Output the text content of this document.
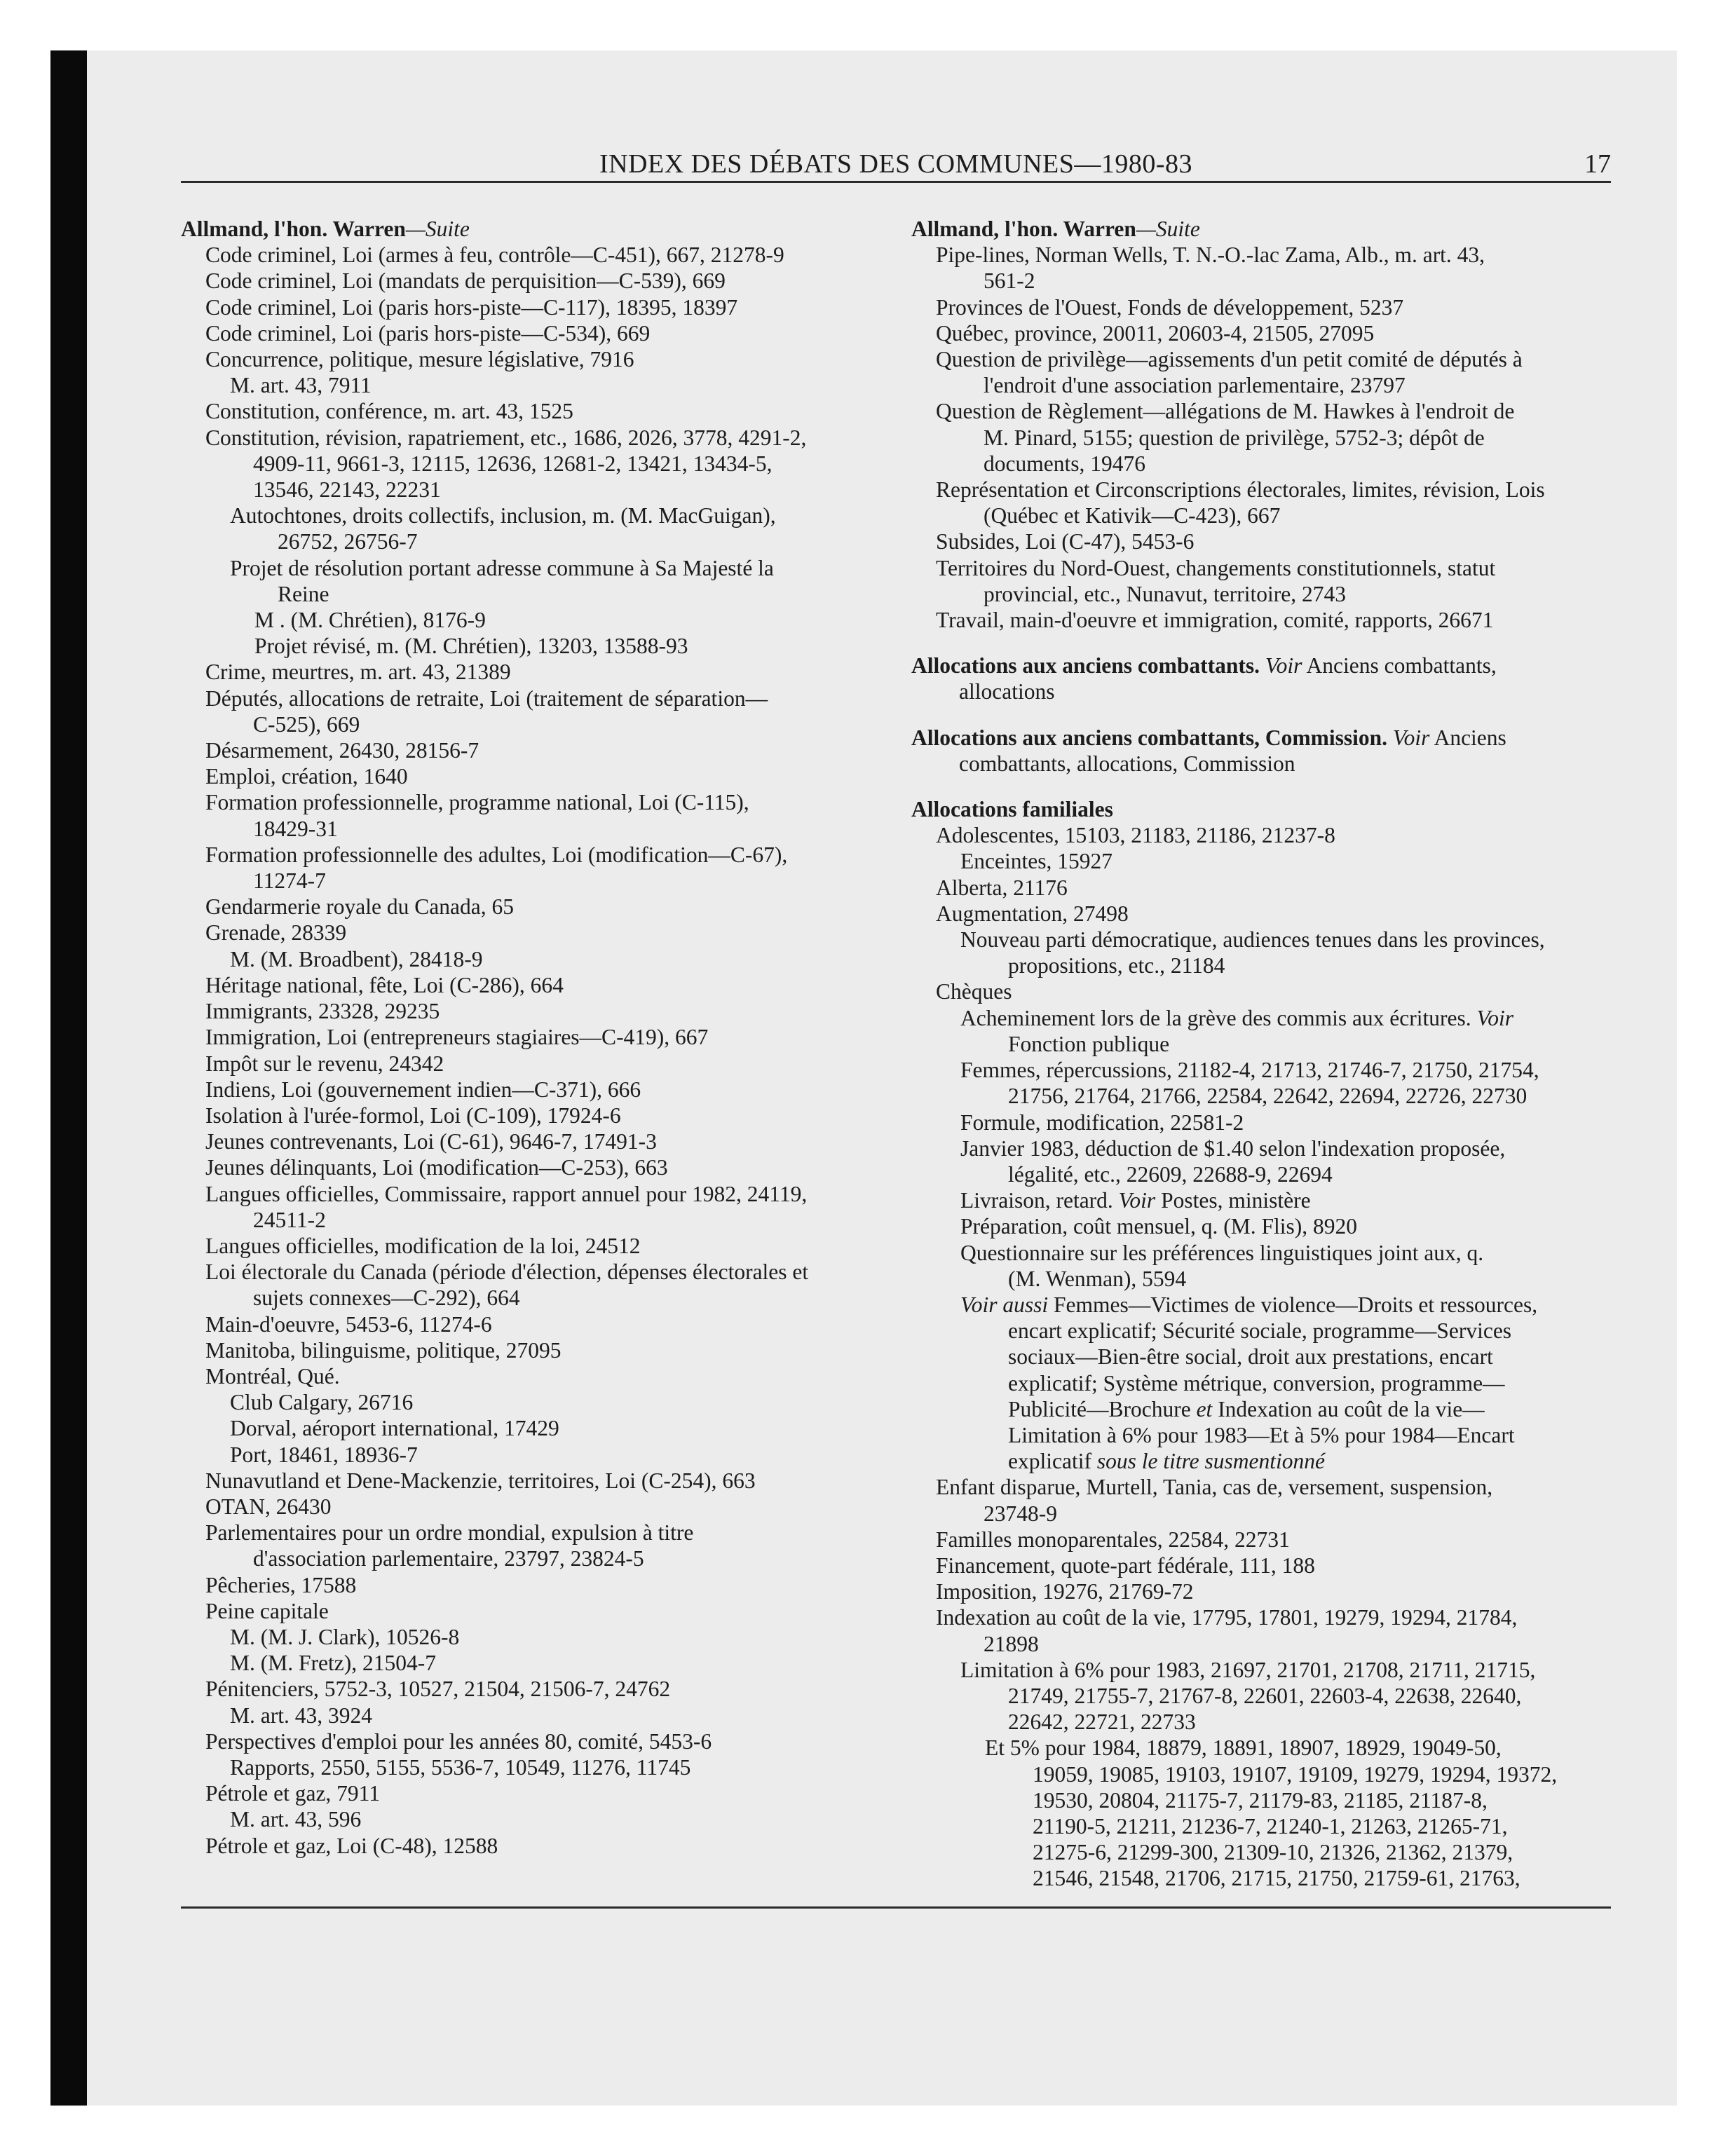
INDEX DES DÉBATS DES COMMUNES—1980-83	17
Allmand, l'hon. Warren—Suite
Code criminel, Loi (armes à feu, contrôle—C-451), 667, 21278-9
Code criminel, Loi (mandats de perquisition—C-539), 669
Code criminel, Loi (paris hors-piste—C-117), 18395, 18397
Code criminel, Loi (paris hors-piste—C-534), 669
Concurrence, politique, mesure législative, 7916
M. art. 43, 7911
Constitution, conférence, m. art. 43, 1525
Constitution, révision, rapatriement, etc., 1686, 2026, 3778, 4291-2,
4909-11, 9661-3, 12115, 12636, 12681-2, 13421, 13434-5,
13546, 22143, 22231
Autochtones, droits collectifs, inclusion, m. (M. MacGuigan),
26752, 26756-7
Projet de résolution portant adresse commune à Sa Majesté la
Reine
M . (M. Chrétien), 8176-9
Projet révisé, m. (M. Chrétien), 13203, 13588-93
Crime, meurtres, m. art. 43, 21389
Députés, allocations de retraite, Loi (traitement de séparation—
C-525), 669
Désarmement, 26430, 28156-7
Emploi, création, 1640
Formation professionnelle, programme national, Loi (C-115),
18429-31
Formation professionnelle des adultes, Loi (modification—C-67),
11274-7
Gendarmerie royale du Canada, 65
Grenade, 28339
M. (M. Broadbent), 28418-9
Héritage national, fête, Loi (C-286), 664
Immigrants, 23328, 29235
Immigration, Loi (entrepreneurs stagiaires—C-419), 667
Impôt sur le revenu, 24342
Indiens, Loi (gouvernement indien—C-371), 666
Isolation à l'urée-formol, Loi (C-109), 17924-6
Jeunes contrevenants, Loi (C-61), 9646-7, 17491-3
Jeunes délinquants, Loi (modification—C-253), 663
Langues officielles, Commissaire, rapport annuel pour 1982, 24119,
24511-2
Langues officielles, modification de la loi, 24512
Loi électorale du Canada (période d'élection, dépenses électorales et
sujets connexes—C-292), 664
Main-d'oeuvre, 5453-6, 11274-6
Manitoba, bilinguisme, politique, 27095
Montréal, Qué.
Club Calgary, 26716
Dorval, aéroport international, 17429
Port, 18461, 18936-7
Nunavutland et Dene-Mackenzie, territoires, Loi (C-254), 663
OTAN, 26430
Parlementaires pour un ordre mondial, expulsion à titre
d'association parlementaire, 23797, 23824-5
Pêcheries, 17588
Peine capitale
M. (M. J. Clark), 10526-8
M. (M. Fretz), 21504-7
Pénitenciers, 5752-3, 10527, 21504, 21506-7, 24762
M. art. 43, 3924
Perspectives d'emploi pour les années 80, comité, 5453-6
Rapports, 2550, 5155, 5536-7, 10549, 11276, 11745
Pétrole et gaz, 7911
M. art. 43, 596
Pétrole et gaz, Loi (C-48), 12588
Allmand, l'hon. Warren—Suite
Pipe-lines, Norman Wells, T. N.-O.-lac Zama, Alb., m. art. 43,
561-2
Provinces de l'Ouest, Fonds de développement, 5237
Québec, province, 20011, 20603-4, 21505, 27095
Question de privilège—agissements d'un petit comité de députés à
l'endroit d'une association parlementaire, 23797
Question de Règlement—allégations de M. Hawkes à l'endroit de
M. Pinard, 5155; question de privilège, 5752-3; dépôt de
documents, 19476
Représentation et Circonscriptions électorales, limites, révision, Lois
(Québec et Kativik—C-423), 667
Subsides, Loi (C-47), 5453-6
Territoires du Nord-Ouest, changements constitutionnels, statut
provincial, etc., Nunavut, territoire, 2743
Travail, main-d'oeuvre et immigration, comité, rapports, 26671
Allocations aux anciens combattants. Voir Anciens combattants,
allocations
Allocations aux anciens combattants, Commission. Voir Anciens
combattants, allocations, Commission
Allocations familiales
Adolescentes, 15103, 21183, 21186, 21237-8
Enceintes, 15927
Alberta, 21176
Augmentation, 27498
Nouveau parti démocratique, audiences tenues dans les provinces,
propositions, etc., 21184
Chèques
Acheminement lors de la grève des commis aux écritures. Voir
Fonction publique
Femmes, répercussions, 21182-4, 21713, 21746-7, 21750, 21754,
21756, 21764, 21766, 22584, 22642, 22694, 22726, 22730
Formule, modification, 22581-2
Janvier 1983, déduction de $1.40 selon l'indexation proposée,
légalité, etc., 22609, 22688-9, 22694
Livraison, retard. Voir Postes, ministère
Préparation, coût mensuel, q. (M. Flis), 8920
Questionnaire sur les préférences linguistiques joint aux, q.
(M. Wenman), 5594
Voir aussi Femmes—Victimes de violence—Droits et ressources,
encart explicatif; Sécurité sociale, programme—Services
sociaux—Bien-être social, droit aux prestations, encart
explicatif; Système métrique, conversion, programme—
Publicité—Brochure et Indexation au coût de la vie—
Limitation à 6% pour 1983—Et à 5% pour 1984—Encart
explicatif sous le titre susmentionné
Enfant disparue, Murtell, Tania, cas de, versement, suspension,
23748-9
Familles monoparentales, 22584, 22731
Financement, quote-part fédérale, 111, 188
Imposition, 19276, 21769-72
Indexation au coût de la vie, 17795, 17801, 19279, 19294, 21784,
21898
Limitation à 6% pour 1983, 21697, 21701, 21708, 21711, 21715,
21749, 21755-7, 21767-8, 22601, 22603-4, 22638, 22640,
22642, 22721, 22733
Et 5% pour 1984, 18879, 18891, 18907, 18929, 19049-50,
19059, 19085, 19103, 19107, 19109, 19279, 19294, 19372,
19530, 20804, 21175-7, 21179-83, 21185, 21187-8,
21190-5, 21211, 21236-7, 21240-1, 21263, 21265-71,
21275-6, 21299-300, 21309-10, 21326, 21362, 21379,
21546, 21548, 21706, 21715, 21750, 21759-61, 21763,
